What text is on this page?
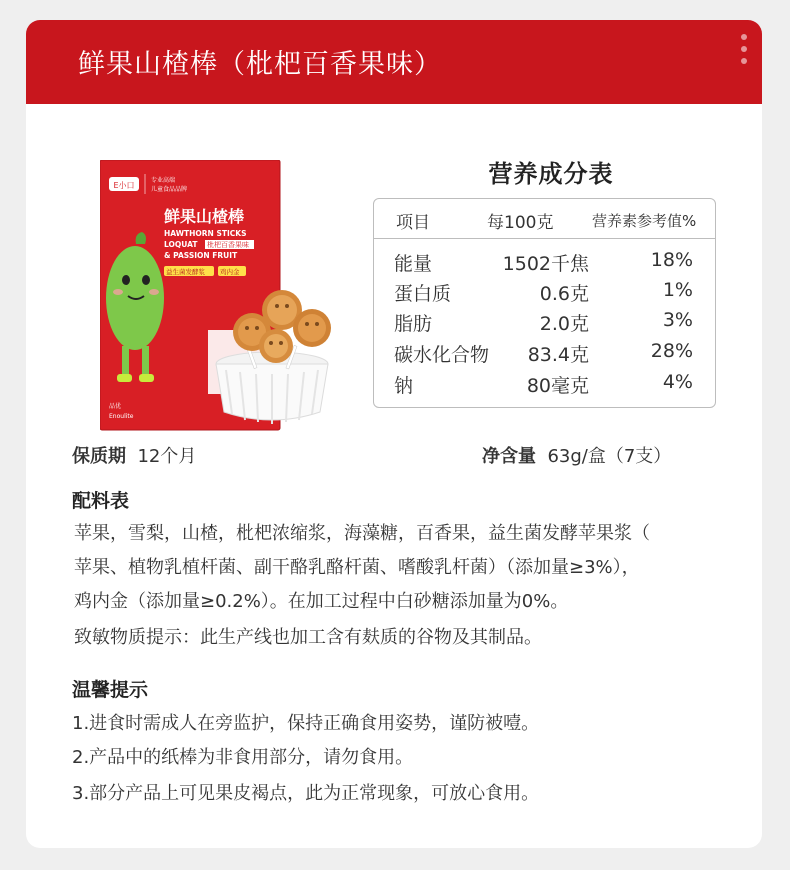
鲜果山楂棒（枇杷百香果味）
E小口
专业高端
儿童食品品牌
鲜果山楂棒
HAWTHORN STICKS
LOQUAT 枇杷百香果味
& PASSION FRUIT
益生菌发酵浆 鸡内金
品优
Enoulite
营养成分表
项目	每100克	营养素参考值%
能量	1502千焦	18%
蛋白质	0.6克	1%
脂肪	2.0克	3%
碳水化合物 83.4克	28%
钠	80毫克	4%
保质期 12个月	净含量 63g/盒（7支）
配料表
苹果，雪梨，山楂，枇杷浓缩浆，海藻糖，百香果，益生菌发酵苹果浆（
苹果、植物乳植杆菌、副干酪乳酪杆菌、嗜酸乳杆菌）（添加量≥3%），
鸡内金（添加量≥0.2%）。在加工过程中白砂糖添加量为0%。
致敏物质提示：此生产线也加工含有麸质的谷物及其制品。
温馨提示
1.进食时需成人在旁监护，保持正确食用姿势，谨防被噎。
2.产品中的纸棒为非食用部分，请勿食用。
3.部分产品上可见果皮褐点，此为正常现象，可放心食用。
